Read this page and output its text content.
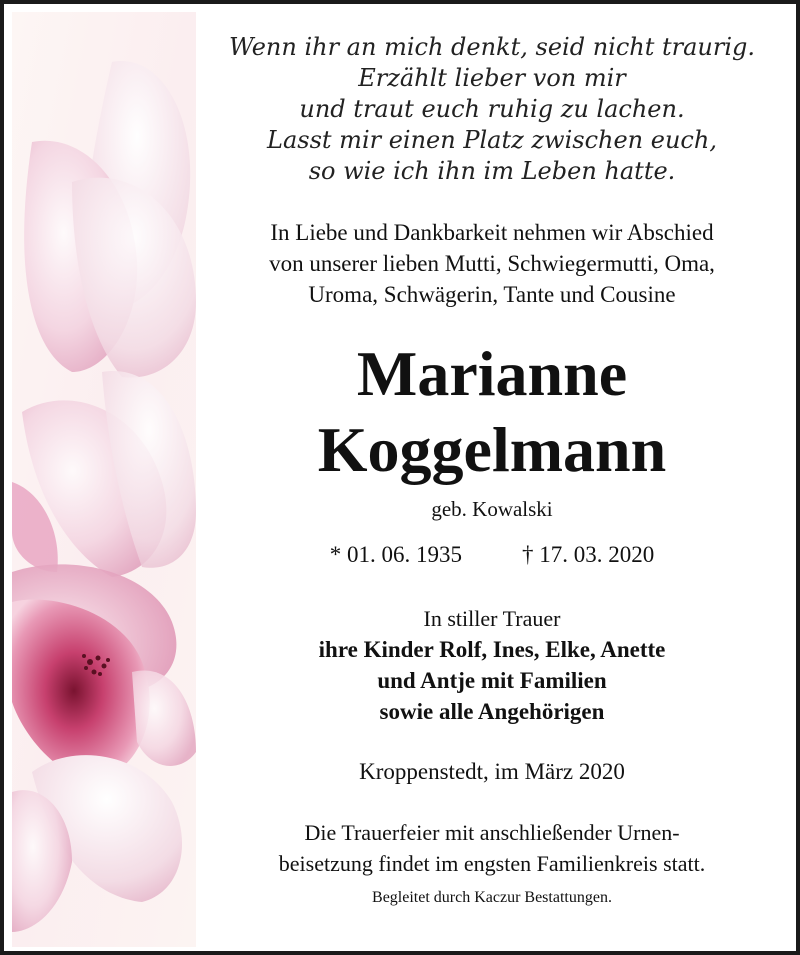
Wenn ihr an mich denkt, seid nicht traurig.
Erzählt lieber von mir
und traut euch ruhig zu lachen.
Lasst mir einen Platz zwischen euch,
so wie ich ihn im Leben hatte.
In Liebe und Dankbarkeit nehmen wir Abschied
von unserer lieben Mutti, Schwiegermutti, Oma,
Uroma, Schwägerin, Tante und Cousine
Marianne
Koggelmann
geb. Kowalski
* 01. 06. 1935	† 17. 03. 2020
In stiller Trauer
ihre Kinder Rolf, Ines, Elke, Anette
und Antje mit Familien
sowie alle Angehörigen
Kroppenstedt, im März 2020
Die Trauerfeier mit anschließender Urnen-
beisetzung findet im engsten Familienkreis statt.
Begleitet durch Kaczur Bestattungen.
